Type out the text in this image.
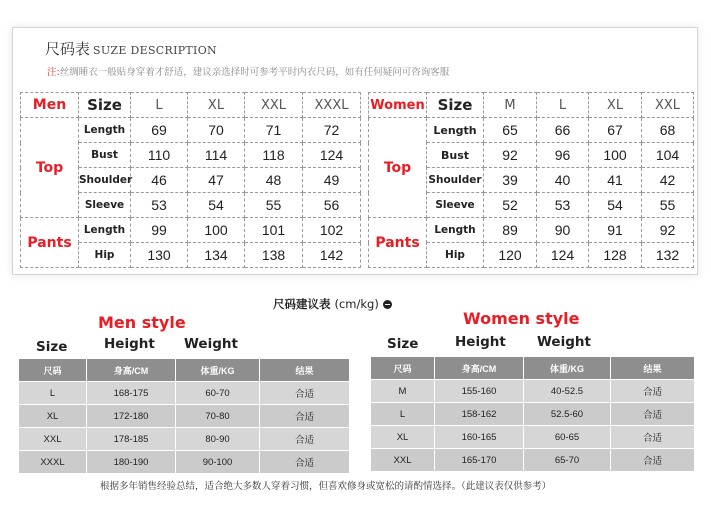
尺码表 SUZE DESCRIPTION
注:丝绸睡衣一般贴身穿着才舒适，建议亲选择时可参考平时内衣尺码，如有任何疑问可咨询客服
Men	Size	L	XL	XXL	XXXL
Top	Length	69	70	71	72
	Bust	110	114	118	124
	Shoulder	46	47	48	49
	Sleeve	53	54	55	56
Pants	Length	99	100	101	102
	Hip	130	134	138	142
Women	Size	M	L	XL	XXL
Top	Length	65	66	67	68
	Bust	92	96	100	104
	Shoulder	39	40	41	42
	Sleeve	52	53	54	55
Pants	Length	89	90	91	92
	Hip	120	124	128	132
尺码建议表 (cm/kg)
Men style
Size	Height Weight
尺码	身高/CM	体重/KG	结果
L	168-175	60-70	合适
XL	172-180	70-80	合适
XXL	178-185	80-90	合适
XXXL	180-190	90-100	合适
Women style
Size	Height Weight
尺码	身高/CM	体重/KG	结果
M	155-160	40-52.5	合适
L	158-162	52.5-60	合适
XL	160-165	60-65	合适
XXL	165-170	65-70	合适
根据多年销售经验总结，适合绝大多数人穿着习惯，但喜欢修身或宽松的请酌情选择。（此建议表仅供参考）
